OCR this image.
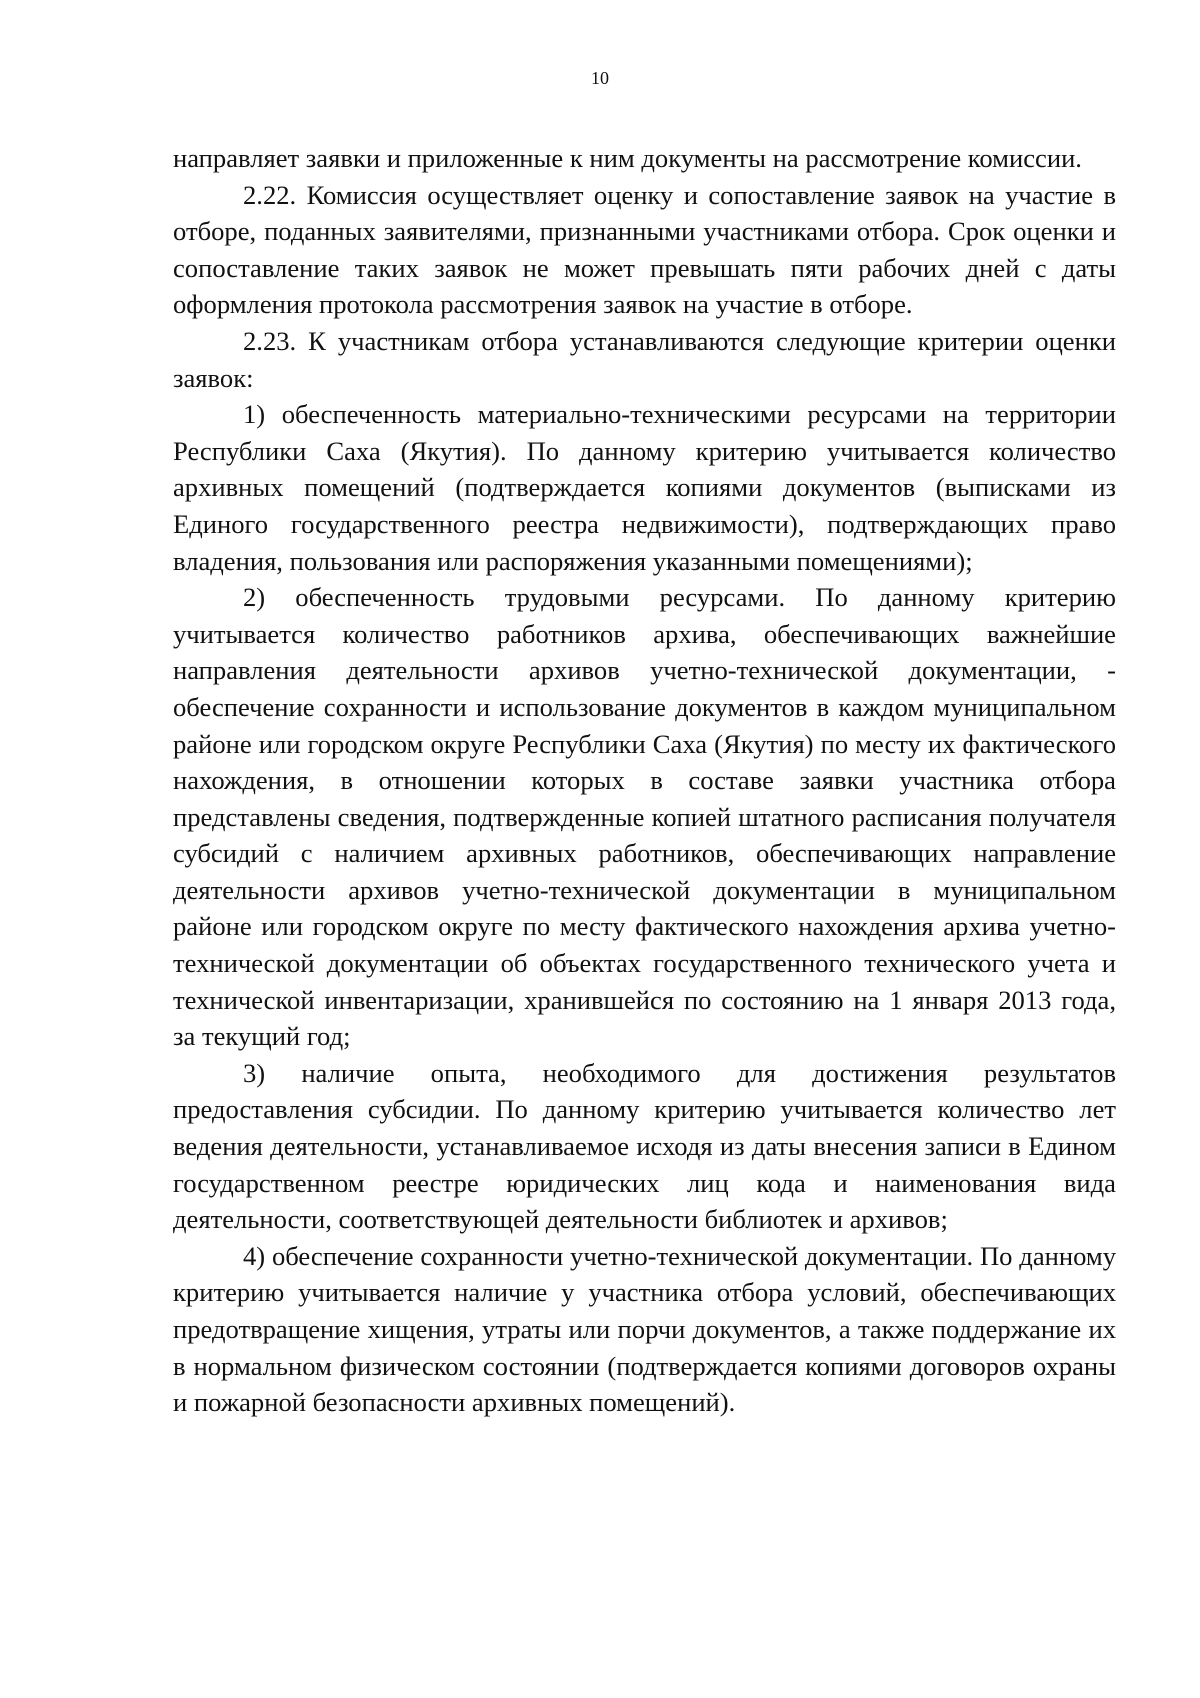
10

направляет заявки и приложенные к ним документы на рассмотрение комиссии.

2.22. Комиссия осуществляет оценку и сопоставление заявок на участие в отборе, поданных заявителями, признанными участниками отбора. Срок оценки и сопоставление таких заявок не может превышать пяти рабочих дней с даты оформления протокола рассмотрения заявок на участие в отборе.

2.23. К участникам отбора устанавливаются следующие критерии оценки заявок:

1) обеспеченность материально-техническими ресурсами на территории Республики Саха (Якутия). По данному критерию учитывается количество архивных помещений (подтверждается копиями документов (выписками из Единого государственного реестра недвижимости), подтверждающих право владения, пользования или распоряжения указанными помещениями);

2) обеспеченность трудовыми ресурсами. По данному критерию учитывается количество работников архива, обеспечивающих важнейшие направления деятельности архивов учетно-технической документации, - обеспечение сохранности и использование документов в каждом муниципальном районе или городском округе Республики Саха (Якутия) по месту их фактического нахождения, в отношении которых в составе заявки участника отбора представлены сведения, подтвержденные копией штатного расписания получателя субсидий с наличием архивных работников, обеспечивающих направление деятельности архивов учетно-технической документации в муниципальном районе или городском округе по месту фактического нахождения архива учетно-технической документации об объектах государственного технического учета и технической инвентаризации, хранившейся по состоянию на 1 января 2013 года, за текущий год;

3) наличие опыта, необходимого для достижения результатов предоставления субсидии. По данному критерию учитывается количество лет ведения деятельности, устанавливаемое исходя из даты внесения записи в Едином государственном реестре юридических лиц кода и наименования вида деятельности, соответствующей деятельности библиотек и архивов;

4) обеспечение сохранности учетно-технической документации. По данному критерию учитывается наличие у участника отбора условий, обеспечивающих предотвращение хищения, утраты или порчи документов, а также поддержание их в нормальном физическом состоянии (подтверждается копиями договоров охраны и пожарной безопасности архивных помещений).
